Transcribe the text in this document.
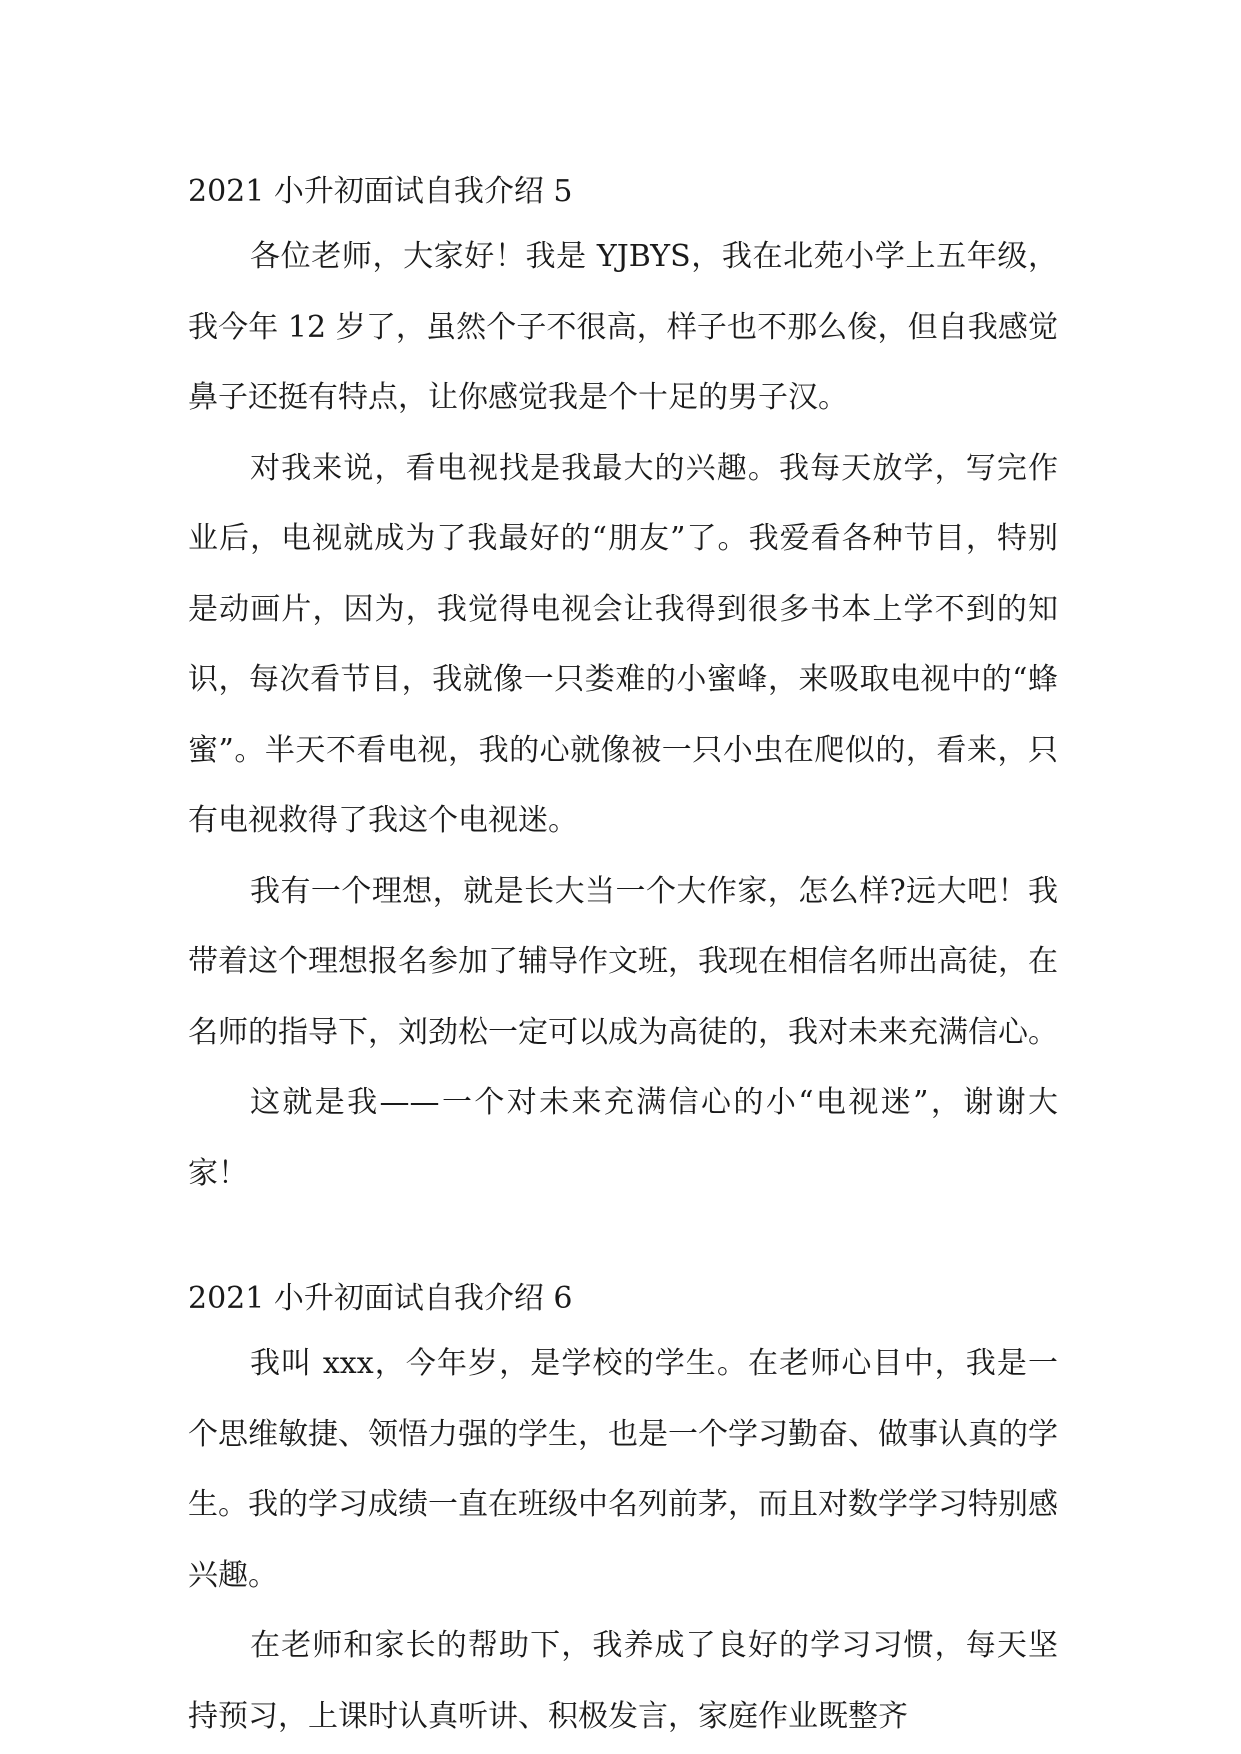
2021 小升初面试自我介绍 5

各位老师，大家好！我是 YJBYS，我在北苑小学上五年级，我今年 12 岁了，虽然个子不很高，样子也不那么俊，但自我感觉鼻子还挺有特点，让你感觉我是个十足的男子汉。

对我来说，看电视找是我最大的兴趣。我每天放学，写完作业后，电视就成为了我最好的“朋友”了。我爱看各种节目，特别是动画片，因为，我觉得电视会让我得到很多书本上学不到的知识，每次看节目，我就像一只娄难的小蜜峰，来吸取电视中的“蜂蜜”。半天不看电视，我的心就像被一只小虫在爬似的，看来，只有电视救得了我这个电视迷。

我有一个理想，就是长大当一个大作家，怎么样?远大吧！我带着这个理想报名参加了辅导作文班，我现在相信名师出高徒，在名师的指导下，刘劲松一定可以成为高徒的，我对未来充满信心。

这就是我——一个对未来充满信心的小“电视迷”，谢谢大家！

2021 小升初面试自我介绍 6

我叫 xxx，今年岁，是学校的学生。在老师心目中，我是一个思维敏捷、领悟力强的学生，也是一个学习勤奋、做事认真的学生。我的学习成绩一直在班级中名列前茅，而且对数学学习特别感兴趣。

在老师和家长的帮助下，我养成了良好的学习习惯，每天坚持预习，上课时认真听讲、积极发言，家庭作业既整齐
